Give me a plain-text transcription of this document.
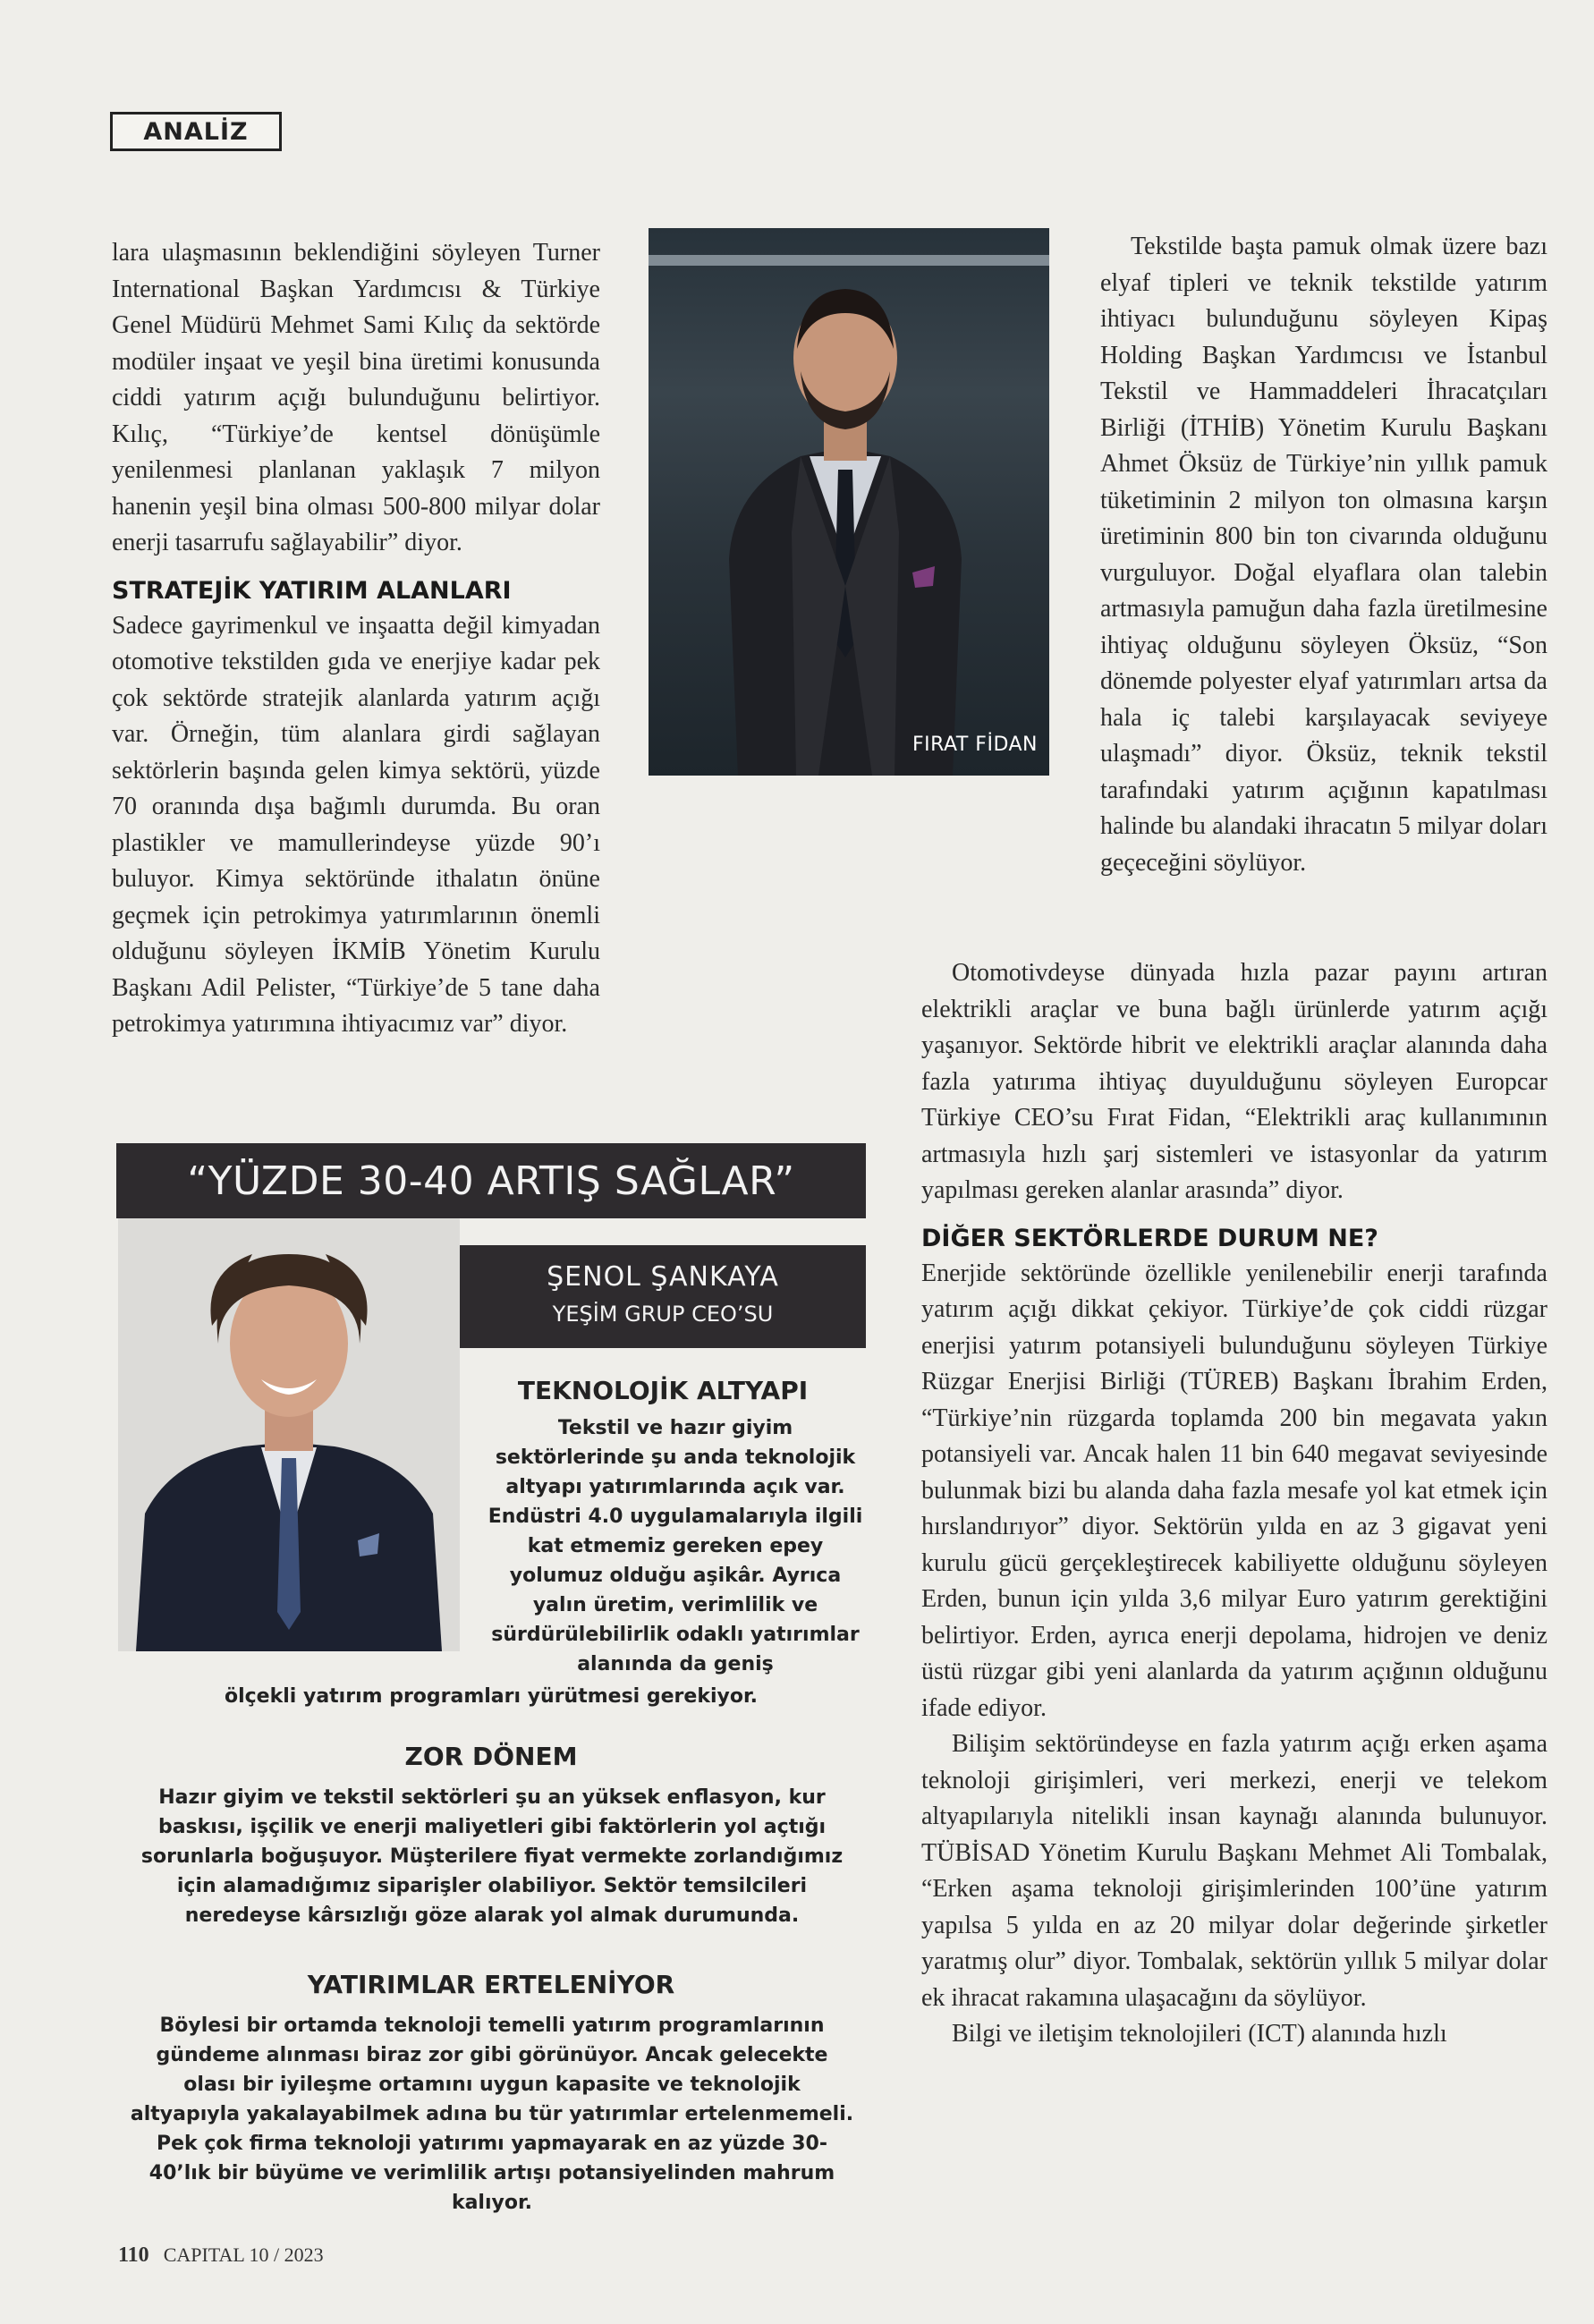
ANALİZ

lara ulaşmasının beklendiğini söyleyen Turner International Başkan Yardımcısı & Türkiye Genel Müdürü Mehmet Sami Kılıç da sektörde modüler inşaat ve yeşil bina üretimi konusunda ciddi yatırım açığı bulunduğunu belirtiyor. Kılıç, “Türkiye’de kentsel dönüşümle yenilenmesi planlanan yaklaşık 7 milyon hanenin yeşil bina olması 500-800 milyar dolar enerji tasarrufu sağlayabilir” diyor.

STRATEJİK YATIRIM ALANLARI

Sadece gayrimenkul ve inşaatta değil kimyadan otomotive tekstilden gıda ve enerjiye kadar pek çok sektörde stratejik alanlarda yatırım açığı var. Örneğin, tüm alanlara girdi sağlayan sektörlerin başında gelen kimya sektörü, yüzde 70 oranında dışa bağımlı durumda. Bu oran plastikler ve mamullerindeyse yüzde 90’ı buluyor. Kimya sektöründe ithalatın önüne geçmek için petrokimya yatırımlarının önemli olduğunu söyleyen İKMİB Yönetim Kurulu Başkanı Adil Pelister, “Türkiye’de 5 tane daha petrokimya yatırımına ihtiyacımız var” diyor.

FIRAT FİDAN

Tekstilde başta pamuk olmak üzere bazı elyaf tipleri ve teknik tekstilde yatırım ihtiyacı bulunduğunu söyleyen Kipaş Holding Başkan Yardımcısı ve İstanbul Tekstil ve Hammaddeleri İhracatçıları Birliği (İTHİB) Yönetim Kurulu Başkanı Ahmet Öksüz de Türkiye’nin yıllık pamuk tüketiminin 2 milyon ton olmasına karşın üretiminin 800 bin ton civarında olduğunu vurguluyor. Doğal elyaflara olan talebin artmasıyla pamuğun daha fazla üretilmesine ihtiyaç olduğunu söyleyen Öksüz, “Son dönemde polyester elyaf yatırımları artsa da hala iç talebi karşılayacak seviyeye ulaşmadı” diyor. Öksüz, teknik tekstil tarafındaki yatırım açığının kapatılması halinde bu alandaki ihracatın 5 milyar doları geçeceğini söylüyor.

Otomotivdeyse dünyada hızla pazar payını artıran elektrikli araçlar ve buna bağlı ürünlerde yatırım açığı yaşanıyor. Sektörde hibrit ve elektrikli araçlar alanında daha fazla yatırıma ihtiyaç duyulduğunu söyleyen Europcar Türkiye CEO’su Fırat Fidan, “Elektrikli araç kullanımının artmasıyla hızlı şarj sistemleri ve istasyonlar da yatırım yapılması gereken alanlar arasında” diyor.

DİĞER SEKTÖRLERDE DURUM NE?

Enerjide sektöründe özellikle yenilenebilir enerji tarafında yatırım açığı dikkat çekiyor. Türkiye’de çok ciddi rüzgar enerjisi yatırım potansiyeli bulunduğunu söyleyen Türkiye Rüzgar Enerjisi Birliği (TÜREB) Başkanı İbrahim Erden, “Türkiye’nin rüzgarda toplamda 200 bin megavata yakın potansiyeli var. Ancak halen 11 bin 640 megavat seviyesinde bulunmak bizi bu alanda daha fazla mesafe yol kat etmek için hırslandırıyor” diyor. Sektörün yılda en az 3 gigavat yeni kurulu gücü gerçekleştirecek kabiliyette olduğunu söyleyen Erden, bunun için yılda 3,6 milyar Euro yatırım gerektiğini belirtiyor. Erden, ayrıca enerji depolama, hidrojen ve deniz üstü rüzgar gibi yeni alanlarda da yatırım açığının olduğunu ifade ediyor.

Bilişim sektöründeyse en fazla yatırım açığı erken aşama teknoloji girişimleri, veri merkezi, enerji ve telekom altyapılarıyla nitelikli insan kaynağı alanında bulunuyor. TÜBİSAD Yönetim Kurulu Başkanı Mehmet Ali Tombalak, “Erken aşama teknoloji girişimlerinden 100’üne yatırım yapılsa 5 yılda en az 20 milyar dolar değerinde şirketler yaratmış olur” diyor. Tombalak, sektörün yıllık 5 milyar dolar ek ihracat rakamına ulaşacağını da söylüyor.

Bilgi ve iletişim teknolojileri (ICT) alanında hızlı

“YÜZDE 30-40 ARTIŞ SAĞLAR”
ŞENOL ŞANKAYA
YEŞİM GRUP CEO’SU
TEKNOLOJİK ALTYAPI
Tekstil ve hazır giyim sektörlerinde şu anda teknolojik altyapı yatırımlarında açık var. Endüstri 4.0 uygulamalarıyla ilgili kat etmemiz gereken epey yolumuz olduğu aşikâr. Ayrıca yalın üretim, verimlilik ve sürdürülebilirlik odaklı yatırımlar alanında da geniş
ölçekli yatırım programları yürütmesi gerekiyor.
ZOR DÖNEM
Hazır giyim ve tekstil sektörleri şu an yüksek enflasyon, kur baskısı, işçilik ve enerji maliyetleri gibi faktörlerin yol açtığı sorunlarla boğuşuyor. Müşterilere fiyat vermekte zorlandığımız için alamadığımız siparişler olabiliyor. Sektör temsilcileri neredeyse kârsızlığı göze alarak yol almak durumunda.
YATIRIMLAR ERTELENİYOR
Böylesi bir ortamda teknoloji temelli yatırım programlarının gündeme alınması biraz zor gibi görünüyor. Ancak gelecekte olası bir iyileşme ortamını uygun kapasite ve teknolojik altyapıyla yakalayabilmek adına bu tür yatırımlar ertelenmemeli. Pek çok firma teknoloji yatırımı yapmayarak en az yüzde 30-40’lık bir büyüme ve verimlilik artışı potansiyelinden mahrum kalıyor.
110 CAPITAL 10 / 2023
